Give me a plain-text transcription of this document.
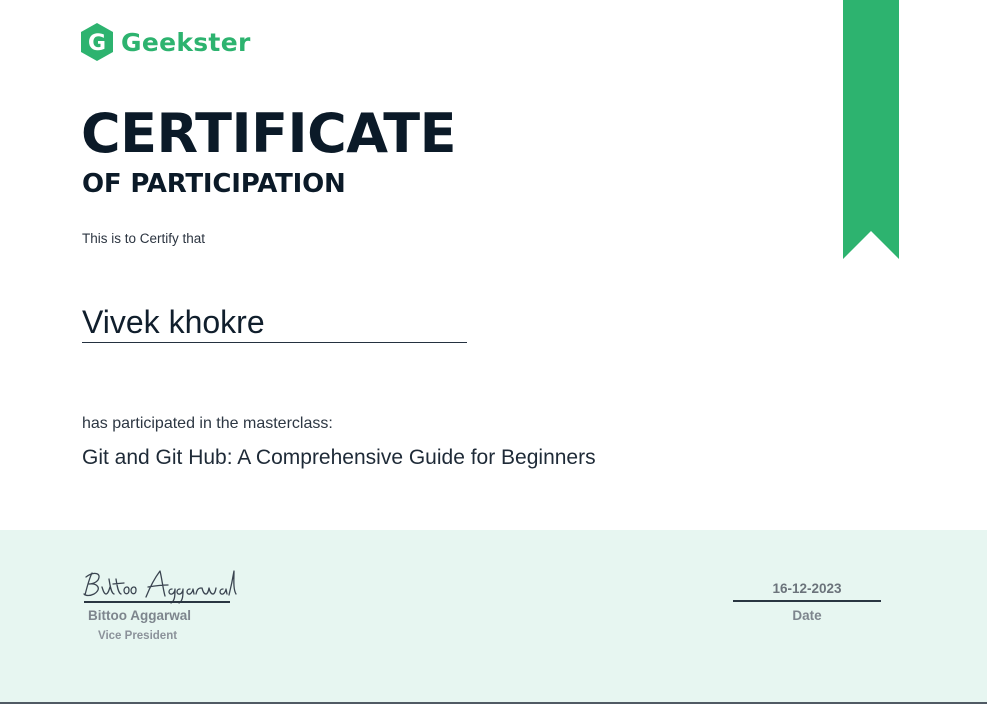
G Geekster
CERTIFICATE
OF PARTICIPATION
This is to Certify that
Vivek khokre
has participated in the masterclass:
Git and Git Hub: A Comprehensive Guide for Beginners
Bittoo Aggarwal
Vice President
16-12-2023
Date
